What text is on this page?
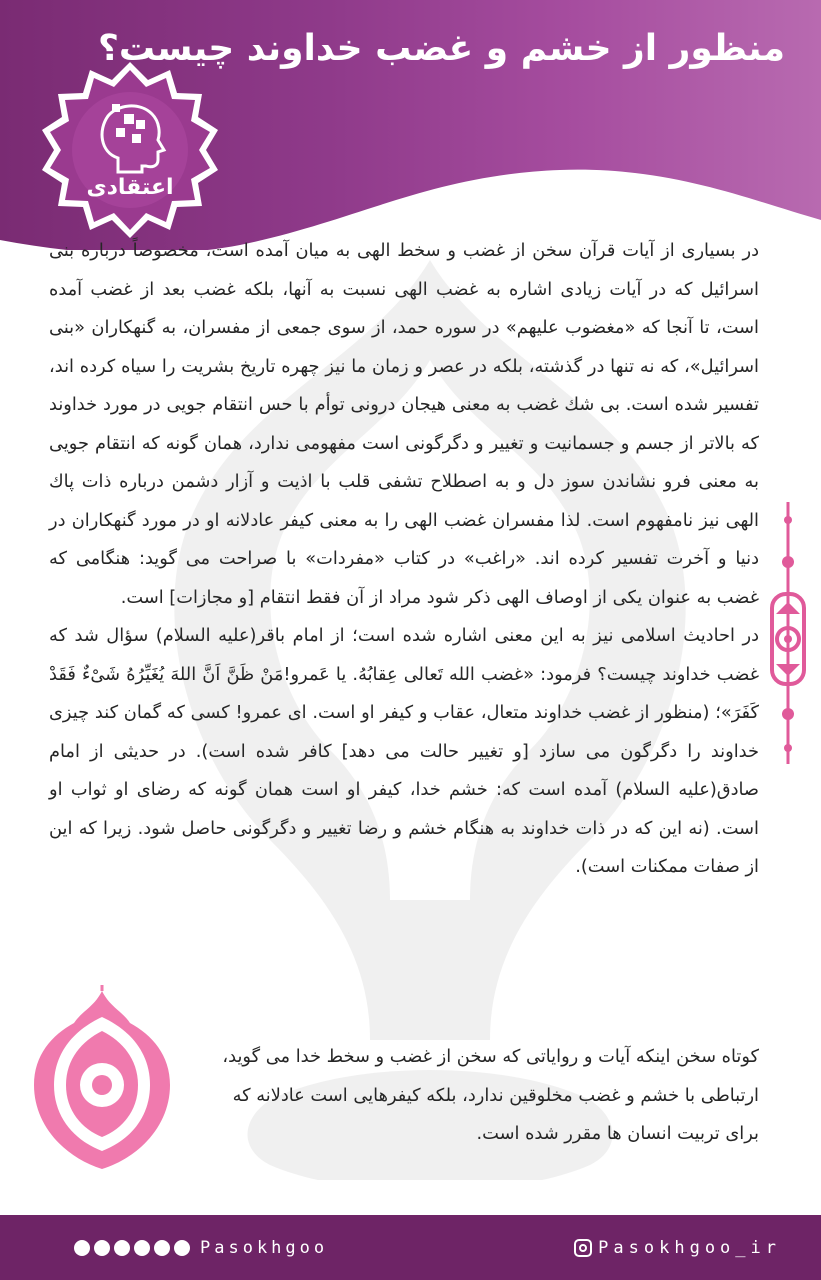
منظور از خشم و غضب خداوند چیست؟
اعتقادی

در بسیاری از آیات قرآن سخن از غضب و سخط الهی به میان آمده است، مخصوصاً درباره بنی اسرائیل که در آیات زیادی اشاره به غضب الهی نسبت به آنها، بلکه غضب بعد از غضب آمده است، تا آنجا که «مغضوب علیهم» در سوره حمد، از سوی جمعی از مفسران، به گنهکاران «بنی اسرائیل»، که نه تنها در گذشته، بلکه در عصر و زمان ما نیز چهره تاریخ بشریت را سیاه کرده اند، تفسیر شده است. بی شك غضب به معنی هیجان درونی توأم با حس انتقام جویی در مورد خداوند که بالاتر از جسم و جسمانیت و تغییر و دگرگونی است مفهومی ندارد، همان گونه که انتقام جویی به معنی فرو نشاندن سوز دل و به اصطلاح تشفی قلب با اذیت و آزار دشمن درباره ذات پاك الهی نیز نامفهوم است. لذا مفسران غضب الهی را به معنی کیفر عادلانه او در مورد گنهکاران در دنیا و آخرت تفسیر کرده اند. «راغب» در کتاب «مفردات» با صراحت می گوید: هنگامی که غضب به عنوان یکی از اوصاف الهی ذکر شود مراد از آن فقط انتقام [و مجازات] است.

در احادیث اسلامی نیز به این معنی اشاره شده است؛ از امام باقر(علیه السلام) سؤال شد که غضب خداوند چیست؟ فرمود: «غضب الله تَعالی عِقابُهُ. یا عَمرو!مَنْ ظَنَّ اَنَّ اللهَ یُغَیِّرُهُ شَیْءٌ فَقَدْ کَفَرَ»؛ (منظور از غضب خداوند متعال، عقاب و کیفر او است. ای عمرو! کسی که گمان کند چیزی خداوند را دگرگون می سازد [و تغییر حالت می دهد] کافر شده است). در حدیثی از امام صادق(علیه السلام) آمده است که: خشم خدا، کیفر او است همان گونه که رضای او ثواب او است. (نه این که در ذات خداوند به هنگام خشم و رضا تغییر و دگرگونی حاصل شود. زیرا که این از صفات ممکنات است).

کوتاه سخن اینکه آیات و روایاتی که سخن از غضب و سخط خدا می گوید، ارتباطی با خشم و غضب مخلوقین ندارد، بلکه کیفرهایی است عادلانه که برای تربیت انسان ها مقرر شده است.

Pasokhgoo	Pasokhgoo_ir
